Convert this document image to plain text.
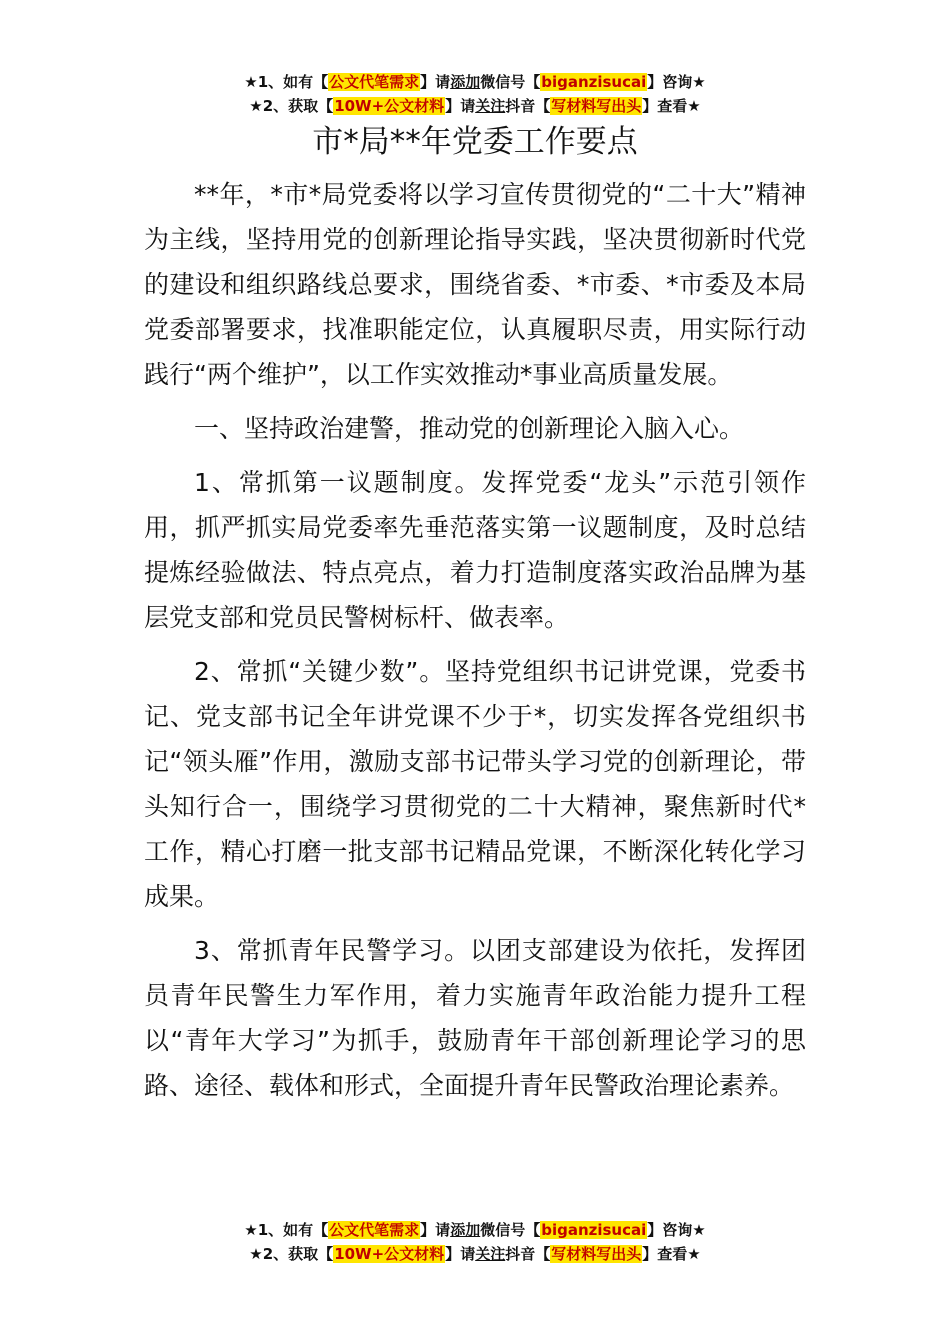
★1、如有【公文代笔需求】请添加微信号【biganzisucai】咨询★
★2、获取【10W+公文材料】请关注抖音【写材料写出头】查看★
市*局**年党委工作要点

**年，*市*局党委将以学习宣传贯彻党的“二十大”精神为主线，坚持用党的创新理论指导实践，坚决贯彻新时代党的建设和组织路线总要求，围绕省委、*市委、*市委及本局党委部署要求，找准职能定位，认真履职尽责，用实际行动践行“两个维护”，以工作实效推动*事业高质量发展。

一、坚持政治建警，推动党的创新理论入脑入心。

1、常抓第一议题制度。发挥党委“龙头”示范引领作用，抓严抓实局党委率先垂范落实第一议题制度，及时总结提炼经验做法、特点亮点，着力打造制度落实政治品牌为基层党支部和党员民警树标杆、做表率。

2、常抓“关键少数”。坚持党组织书记讲党课，党委书记、党支部书记全年讲党课不少于*，切实发挥各党组织书记“领头雁”作用，激励支部书记带头学习党的创新理论，带头知行合一，围绕学习贯彻党的二十大精神，聚焦新时代*工作，精心打磨一批支部书记精品党课，不断深化转化学习成果。

3、常抓青年民警学习。以团支部建设为依托，发挥团员青年民警生力军作用，着力实施青年政治能力提升工程以“青年大学习”为抓手，鼓励青年干部创新理论学习的思路、途径、载体和形式，全面提升青年民警政治理论素养。

★1、如有【公文代笔需求】请添加微信号【biganzisucai】咨询★
★2、获取【10W+公文材料】请关注抖音【写材料写出头】查看★
